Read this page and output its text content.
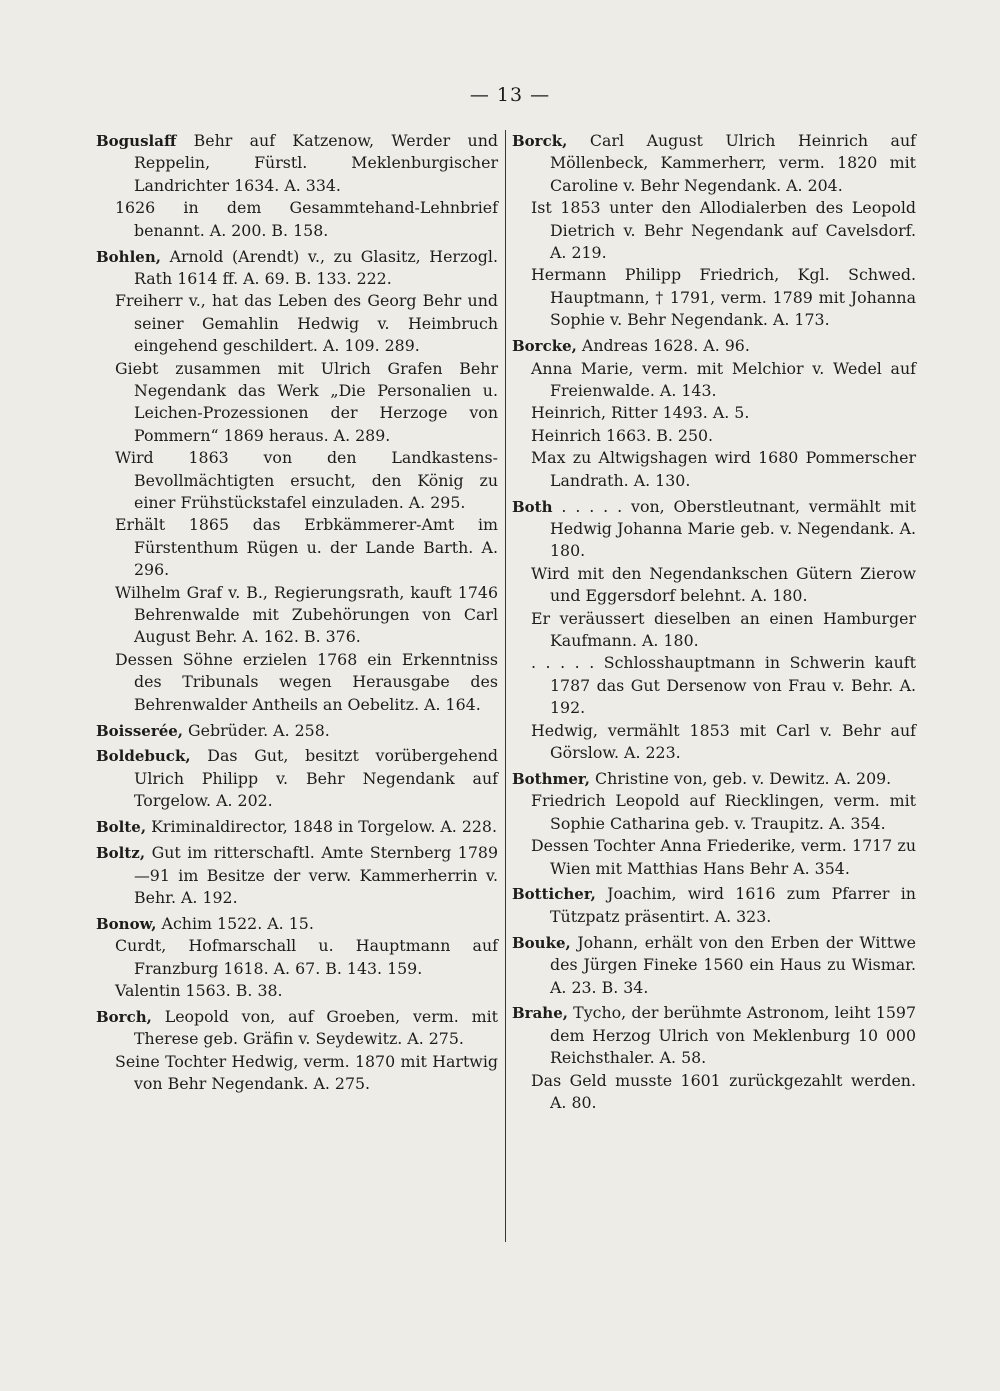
— 13 —

Boguslaff Behr auf Katzenow, Werder und Reppelin, Fürstl. Meklenburgischer Landrichter 1634. A. 334.

1626 in dem Gesammtehand-Lehnbrief benannt. A. 200. B. 158.

Bohlen, Arnold (Arendt) v., zu Glasitz, Herzogl. Rath 1614 ff. A. 69. B. 133. 222.

Freiherr v., hat das Leben des Georg Behr und seiner Gemahlin Hedwig v. Heimbruch eingehend geschildert. A. 109. 289.

Giebt zusammen mit Ulrich Grafen Behr Negendank das Werk „Die Personalien u. Leichen-Prozessionen der Herzoge von Pommern“ 1869 heraus. A. 289.

Wird 1863 von den Landkastens-Bevollmächtigten ersucht, den König zu einer Frühstückstafel einzuladen. A. 295.

Erhält 1865 das Erbkämmerer-Amt im Fürstenthum Rügen u. der Lande Barth. A. 296.

Wilhelm Graf v. B., Regierungsrath, kauft 1746 Behrenwalde mit Zubehörungen von Carl August Behr. A. 162. B. 376.

Dessen Söhne erzielen 1768 ein Erkenntniss des Tribunals wegen Herausgabe des Behrenwalder Antheils an Oebelitz. A. 164.

Boisserée, Gebrüder. A. 258.

Boldebuck, Das Gut, besitzt vorübergehend Ulrich Philipp v. Behr Negendank auf Torgelow. A. 202.

Bolte, Kriminaldirector, 1848 in Torgelow. A. 228.

Boltz, Gut im ritterschaftl. Amte Sternberg 1789—91 im Besitze der verw. Kammerherrin v. Behr. A. 192.

Bonow, Achim 1522. A. 15.

Curdt, Hofmarschall u. Hauptmann auf Franzburg 1618. A. 67. B. 143. 159.

Valentin 1563. B. 38.

Borch, Leopold von, auf Groeben, verm. mit Therese geb. Gräfin v. Seydewitz. A. 275.

Seine Tochter Hedwig, verm. 1870 mit Hartwig von Behr Negendank. A. 275.

Borck, Carl August Ulrich Heinrich auf Möllenbeck, Kammerherr, verm. 1820 mit Caroline v. Behr Negendank. A. 204.

Ist 1853 unter den Allodialerben des Leopold Dietrich v. Behr Negendank auf Cavelsdorf. A. 219.

Hermann Philipp Friedrich, Kgl. Schwed. Hauptmann, † 1791, verm. 1789 mit Johanna Sophie v. Behr Negendank. A. 173.

Borcke, Andreas 1628. A. 96.

Anna Marie, verm. mit Melchior v. Wedel auf Freienwalde. A. 143.

Heinrich, Ritter 1493. A. 5.

Heinrich 1663. B. 250.

Max zu Altwigshagen wird 1680 Pommerscher Landrath. A. 130.

Both . . . . . von, Oberstleutnant, vermählt mit Hedwig Johanna Marie geb. v. Negendank. A. 180.

Wird mit den Negendankschen Gütern Zierow und Eggersdorf belehnt. A. 180.

Er veräussert dieselben an einen Hamburger Kaufmann. A. 180.

. . . . . Schlosshauptmann in Schwerin kauft 1787 das Gut Dersenow von Frau v. Behr. A. 192.

Hedwig, vermählt 1853 mit Carl v. Behr auf Görslow. A. 223.

Bothmer, Christine von, geb. v. Dewitz. A. 209.

Friedrich Leopold auf Riecklingen, verm. mit Sophie Catharina geb. v. Traupitz. A. 354.

Dessen Tochter Anna Friederike, verm. 1717 zu Wien mit Matthias Hans Behr A. 354.

Botticher, Joachim, wird 1616 zum Pfarrer in Tützpatz präsentirt. A. 323.

Bouke, Johann, erhält von den Erben der Wittwe des Jürgen Fineke 1560 ein Haus zu Wismar. A. 23. B. 34.

Brahe, Tycho, der berühmte Astronom, leiht 1597 dem Herzog Ulrich von Meklenburg 10 000 Reichsthaler. A. 58.

Das Geld musste 1601 zurückgezahlt werden. A. 80.
